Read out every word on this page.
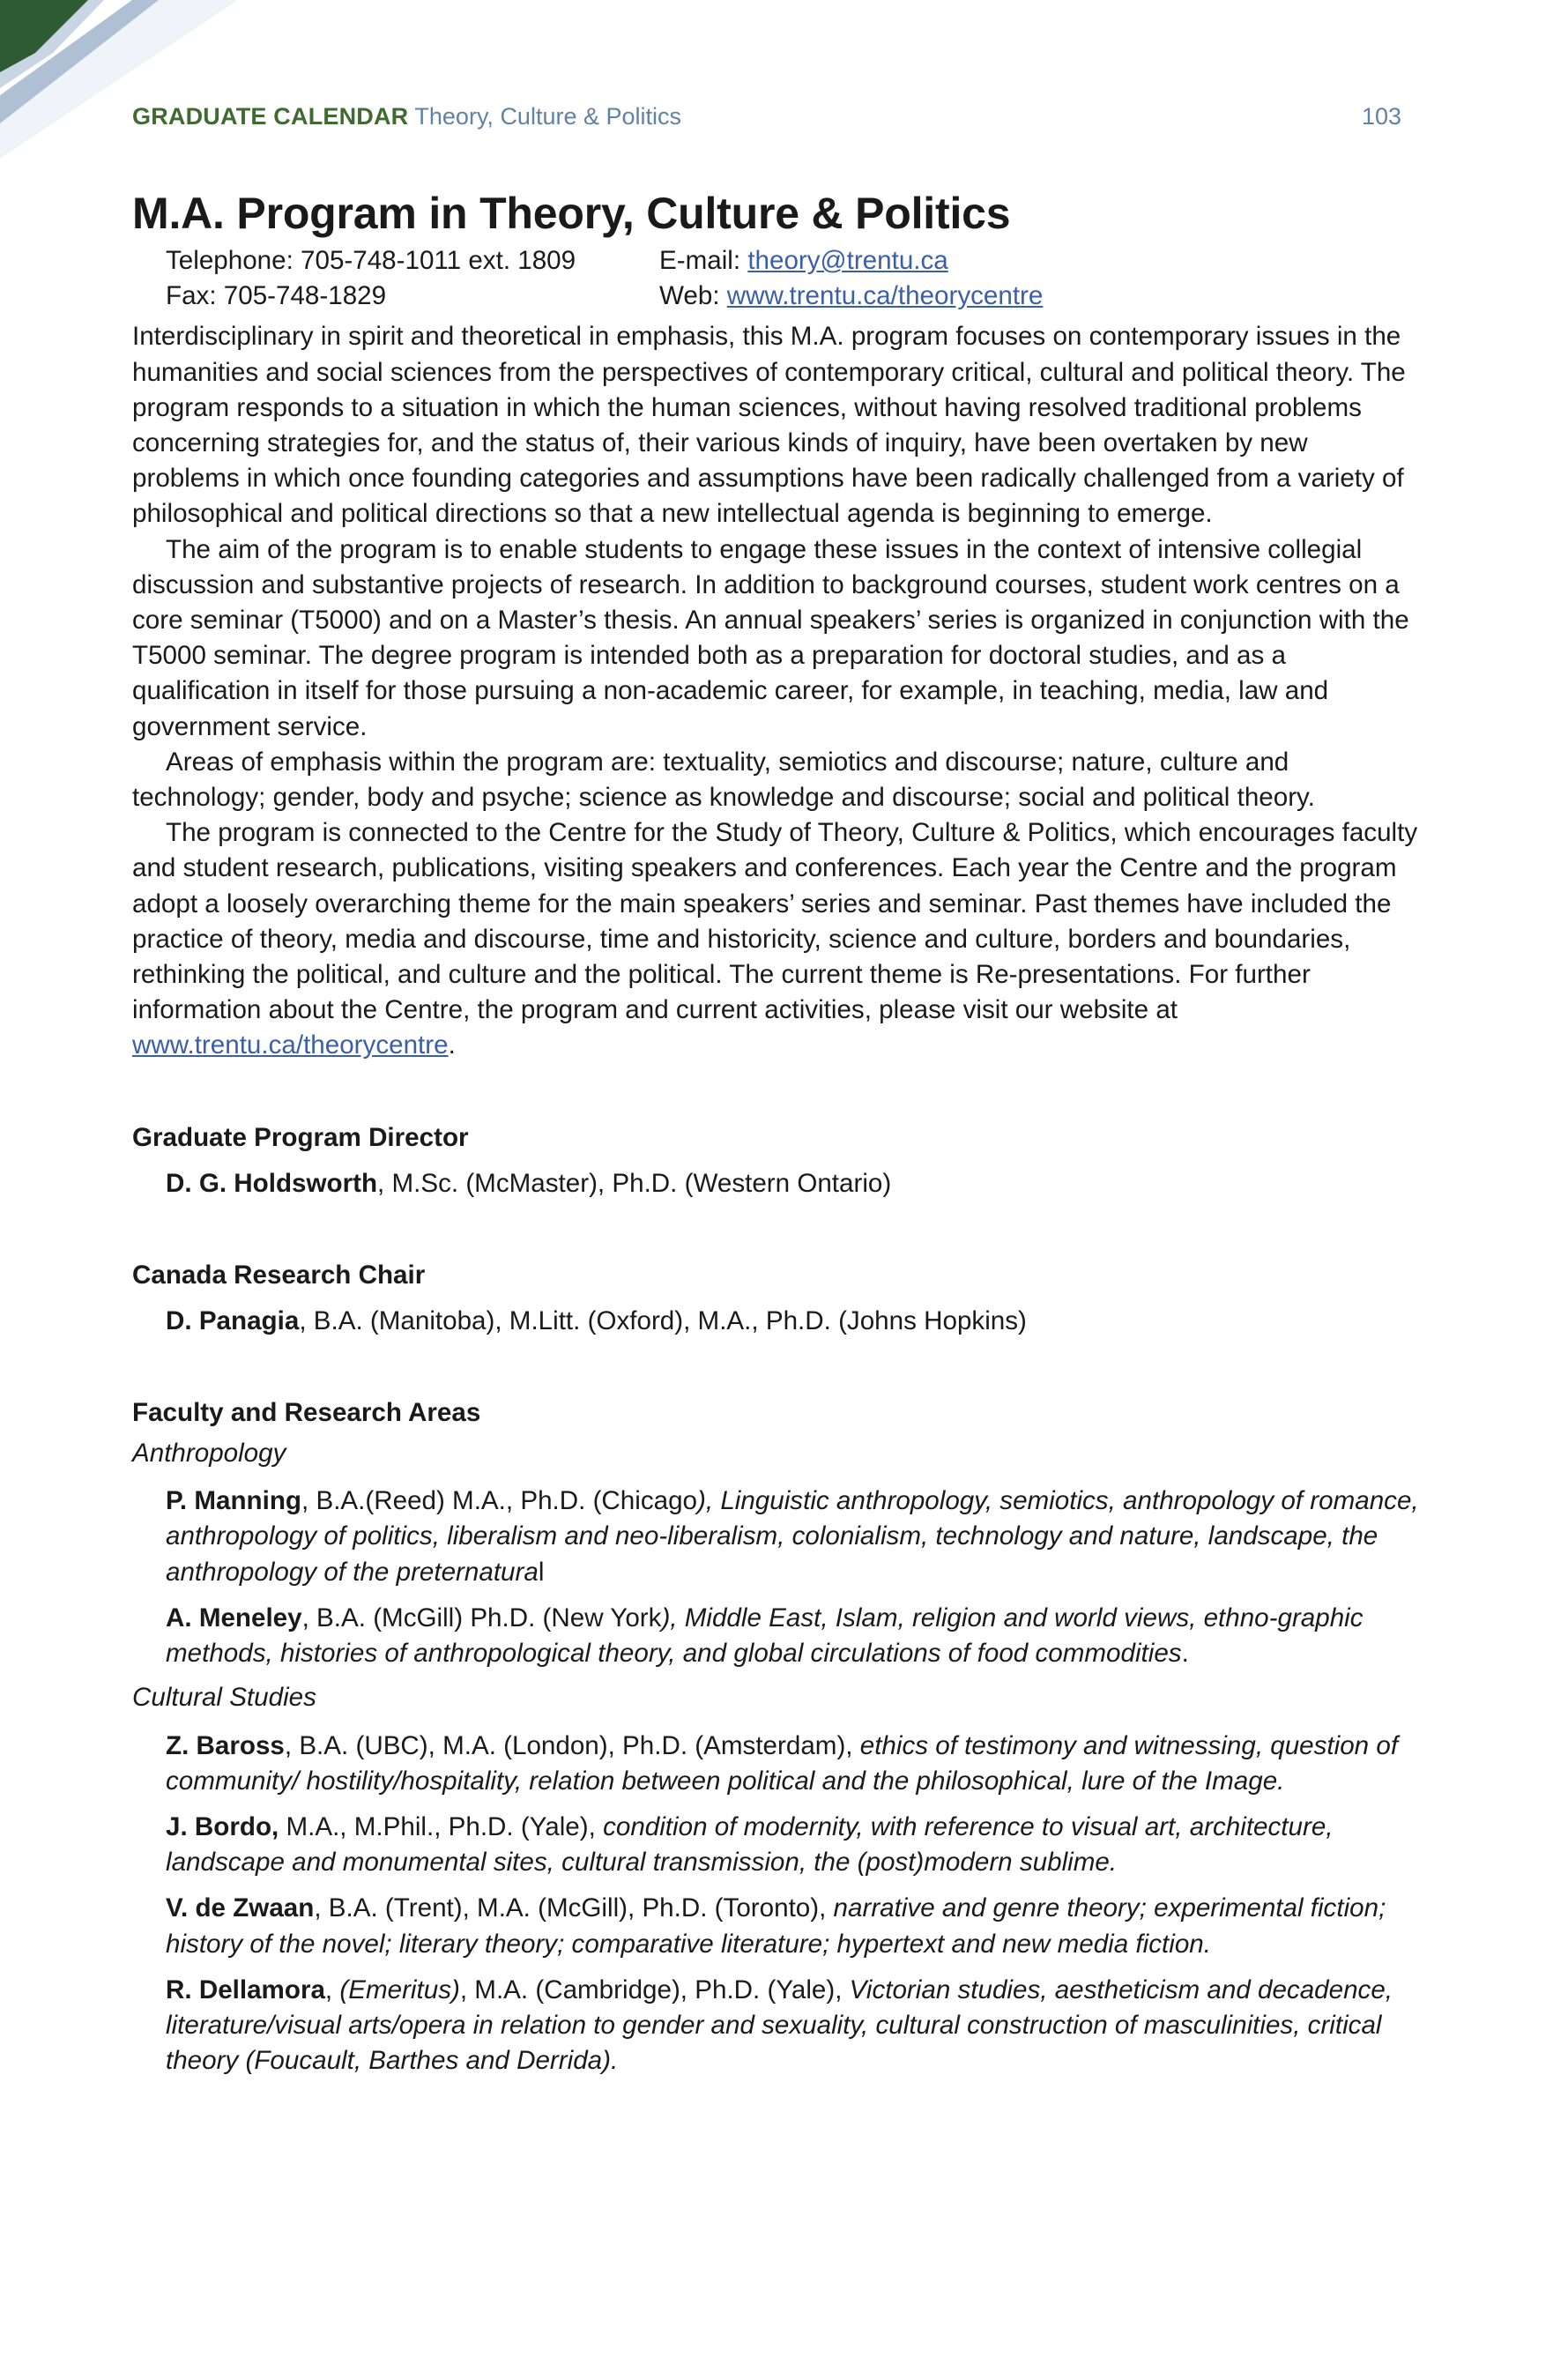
GRADUATE CALENDAR Theory, Culture & Politics	103
M.A. Program in Theory, Culture & Politics
Telephone: 705-748-1011 ext. 1809	E-mail: theory@trentu.ca
Fax: 705-748-1829	Web: www.trentu.ca/theorycentre

Interdisciplinary in spirit and theoretical in emphasis, this M.A. program focuses on contemporary issues in the humanities and social sciences from the perspectives of contemporary critical, cultural and political theory. The program responds to a situation in which the human sciences, without having resolved traditional problems concerning strategies for, and the status of, their various kinds of inquiry, have been overtaken by new problems in which once founding categories and assumptions have been radically challenged from a variety of philosophical and political directions so that a new intellectual agenda is beginning to emerge.

The aim of the program is to enable students to engage these issues in the context of intensive collegial discussion and substantive projects of research. In addition to background courses, student work centres on a core seminar (T5000) and on a Master’s thesis. An annual speakers’ series is organized in conjunction with the T5000 seminar. The degree program is intended both as a preparation for doctoral studies, and as a qualification in itself for those pursuing a non-academic career, for example, in teaching, media, law and government service.

Areas of emphasis within the program are: textuality, semiotics and discourse; nature, culture and technology; gender, body and psyche; science as knowledge and discourse; social and political theory.

The program is connected to the Centre for the Study of Theory, Culture & Politics, which encourages faculty and student research, publications, visiting speakers and conferences. Each year the Centre and the program adopt a loosely overarching theme for the main speakers’ series and seminar. Past themes have included the practice of theory, media and discourse, time and historicity, science and culture, borders and boundaries, rethinking the political, and culture and the political. The current theme is Re-presentations. For further information about the Centre, the program and current activities, please visit our website at www.trentu.ca/theorycentre.

Graduate Program Director
D. G. Holdsworth, M.Sc. (McMaster), Ph.D. (Western Ontario)
Canada Research Chair
D. Panagia, B.A. (Manitoba), M.Litt. (Oxford), M.A., Ph.D. (Johns Hopkins)
Faculty and Research Areas
Anthropology
P. Manning, B.A.(Reed) M.A., Ph.D. (Chicago), Linguistic anthropology, semiotics, anthropology of romance, anthropology of politics, liberalism and neo-liberalism, colonialism, technology and nature, landscape, the anthropology of the preternatural
A. Meneley, B.A. (McGill) Ph.D. (New York), Middle East, Islam, religion and world views, ethno-graphic methods, histories of anthropological theory, and global circulations of food commodities.
Cultural Studies
Z. Baross, B.A. (UBC), M.A. (London), Ph.D. (Amsterdam), ethics of testimony and witnessing, question of community/ hostility/hospitality, relation between political and the philosophical, lure of the Image.
J. Bordo, M.A., M.Phil., Ph.D. (Yale), condition of modernity, with reference to visual art, architecture, landscape and monumental sites, cultural transmission, the (post)modern sublime.
V. de Zwaan, B.A. (Trent), M.A. (McGill), Ph.D. (Toronto), narrative and genre theory; experimental fiction; history of the novel; literary theory; comparative literature; hypertext and new media fiction.
R. Dellamora, (Emeritus), M.A. (Cambridge), Ph.D. (Yale), Victorian studies, aestheticism and decadence, literature/visual arts/opera in relation to gender and sexuality, cultural construction of masculinities, critical theory (Foucault, Barthes and Derrida).
